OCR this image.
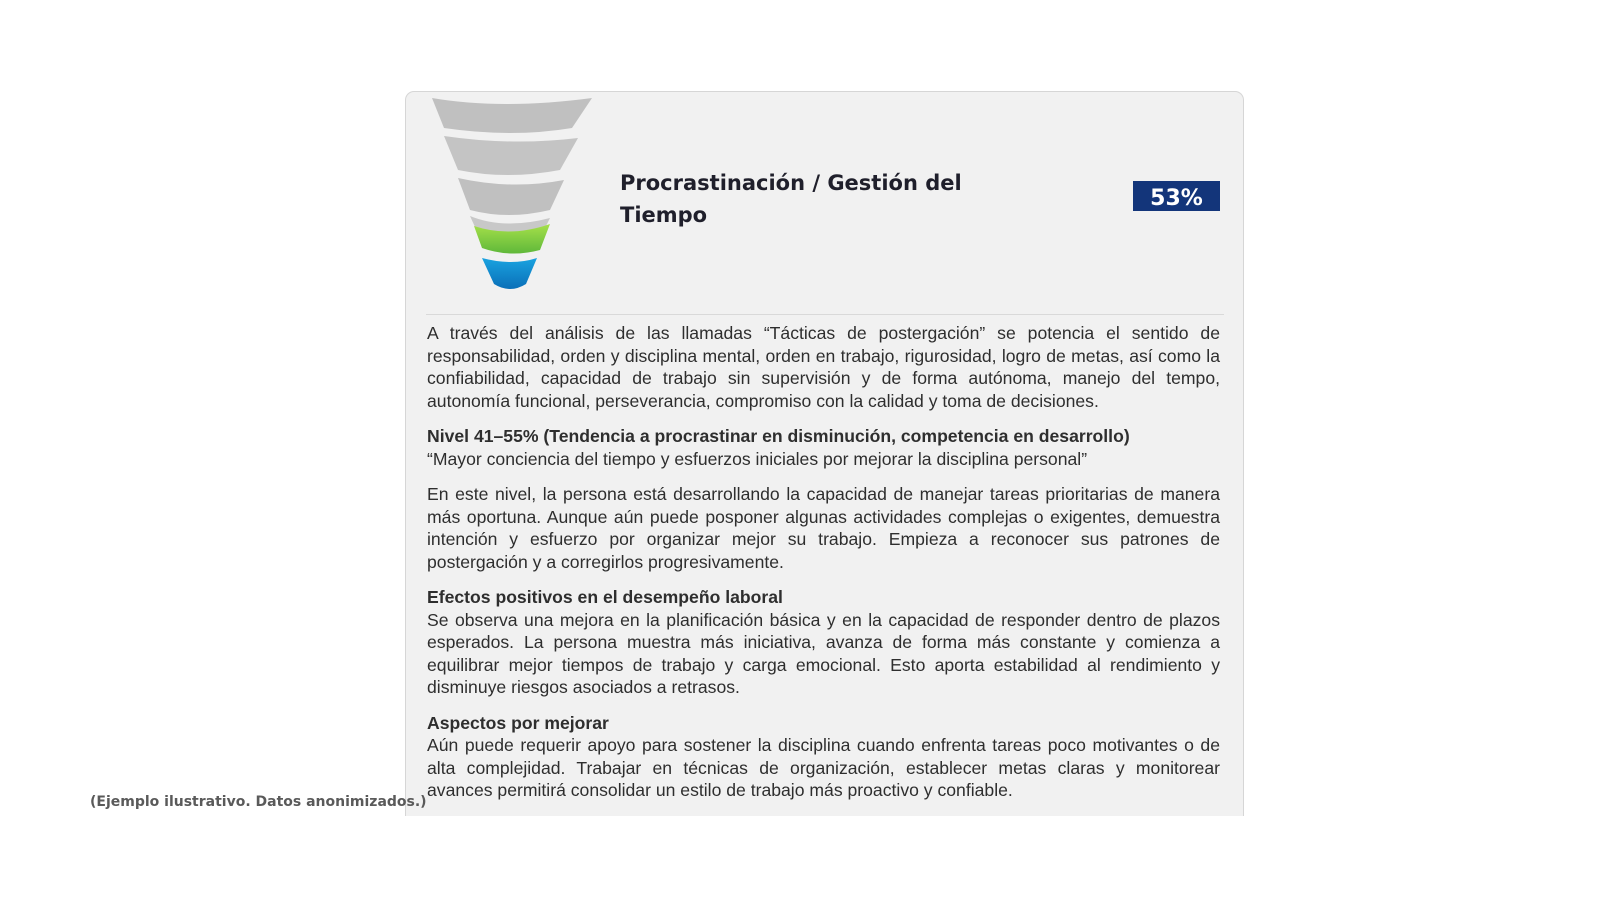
Procrastinación / Gestión del Tiempo
53%

A través del análisis de las llamadas “Tácticas de postergación” se potencia el sentido de responsabilidad, orden y disciplina mental, orden en trabajo, rigurosidad, logro de metas, así como la confiabilidad, capacidad de trabajo sin supervisión y de forma autónoma, manejo del tempo, autonomía funcional, perseverancia, compromiso con la calidad y toma de decisiones.

Nivel 41–55% (Tendencia a procrastinar en disminución, competencia en desarrollo)
“Mayor conciencia del tiempo y esfuerzos iniciales por mejorar la disciplina personal”

En este nivel, la persona está desarrollando la capacidad de manejar tareas prioritarias de manera más oportuna. Aunque aún puede posponer algunas actividades complejas o exigentes, demuestra intención y esfuerzo por organizar mejor su trabajo. Empieza a reconocer sus patrones de postergación y a corregirlos progresivamente.

Efectos positivos en el desempeño laboral
Se observa una mejora en la planificación básica y en la capacidad de responder dentro de plazos esperados. La persona muestra más iniciativa, avanza de forma más constante y comienza a equilibrar mejor tiempos de trabajo y carga emocional. Esto aporta estabilidad al rendimiento y disminuye riesgos asociados a retrasos.

Aspectos por mejorar
Aún puede requerir apoyo para sostener la disciplina cuando enfrenta tareas poco motivantes o de alta complejidad. Trabajar en técnicas de organización, establecer metas claras y monitorear avances permitirá consolidar un estilo de trabajo más proactivo y confiable.

(Ejemplo ilustrativo. Datos anonimizados.)
